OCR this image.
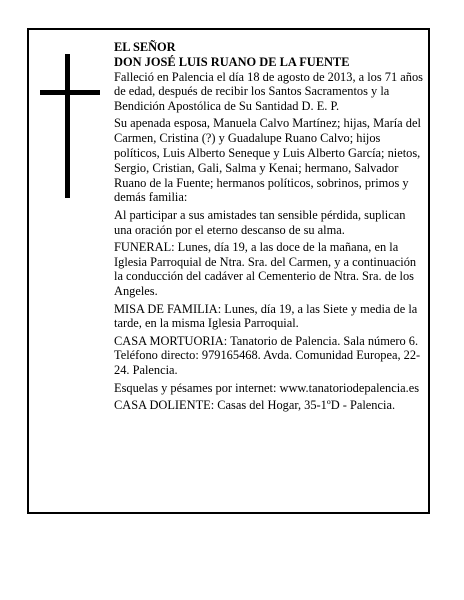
EL SEÑOR

DON JOSÉ LUIS RUANO DE LA FUENTE

Falleció en Palencia el día 18 de agosto de 2013, a los 71 años de edad, después de recibir los Santos Sacramentos y la Bendición Apostólica de Su Santidad D. E. P.

Su apenada esposa, Manuela Calvo Martínez; hijas, María del Carmen, Cristina (?) y Guadalupe Ruano Calvo; hijos políticos, Luis Alberto Seneque y Luis Alberto García; nietos, Sergio, Cristian, Gali, Salma y Kenai; hermano, Salvador Ruano de la Fuente; hermanos políticos, sobrinos, primos y demás familia:

Al participar a sus amistades tan sensible pérdida, suplican una oración por el eterno descanso de su alma.

FUNERAL: Lunes, día 19, a las doce de la mañana, en la Iglesia Parroquial de Ntra. Sra. del Carmen, y a continuación la conducción del cadáver al Cementerio de Ntra. Sra. de los Angeles.

MISA DE FAMILIA: Lunes, día 19, a las Siete y media de la tarde, en la misma Iglesia Parroquial.

CASA MORTUORIA: Tanatorio de Palencia. Sala número 6. Teléfono directo: 979165468. Avda. Comunidad Europea, 22-24. Palencia.

Esquelas y pésames por internet: www.tanatoriodepalencia.es

CASA DOLIENTE: Casas del Hogar, 35-1ºD - Palencia.
